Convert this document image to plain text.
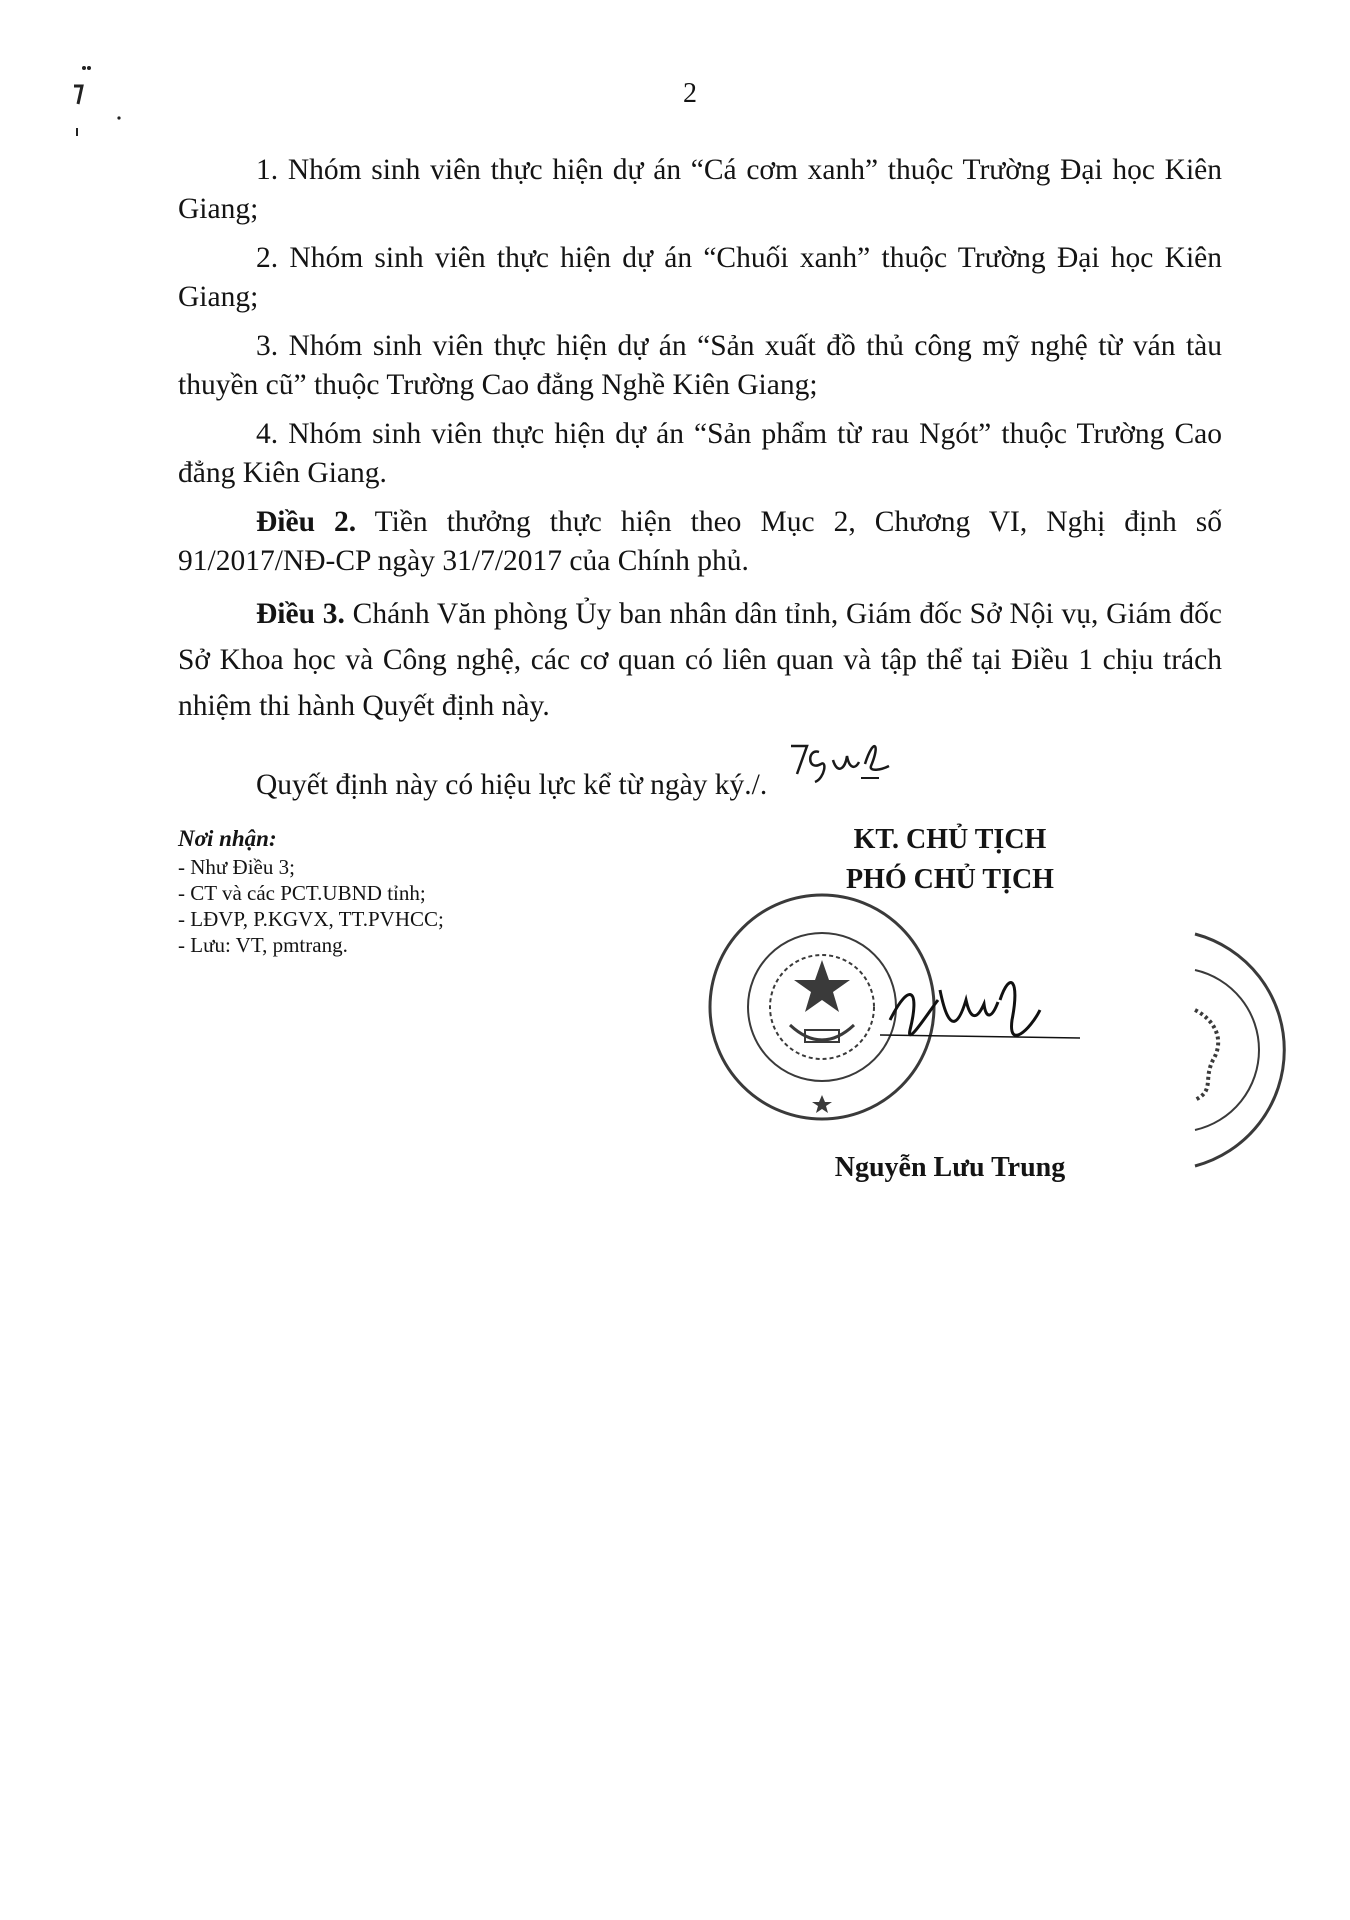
2

1. Nhóm sinh viên thực hiện dự án “Cá cơm xanh” thuộc Trường Đại học Kiên Giang;

2. Nhóm sinh viên thực hiện dự án “Chuối xanh” thuộc Trường Đại học Kiên Giang;

3. Nhóm sinh viên thực hiện dự án “Sản xuất đồ thủ công mỹ nghệ từ ván tàu thuyền cũ” thuộc Trường Cao đẳng Nghề Kiên Giang;

4. Nhóm sinh viên thực hiện dự án “Sản phẩm từ rau Ngót” thuộc Trường Cao đẳng Kiên Giang.

Điều 2. Tiền thưởng thực hiện theo Mục 2, Chương VI, Nghị định số 91/2017/NĐ-CP ngày 31/7/2017 của Chính phủ.

Điều 3. Chánh Văn phòng Ủy ban nhân dân tỉnh, Giám đốc Sở Nội vụ, Giám đốc Sở Khoa học và Công nghệ, các cơ quan có liên quan và tập thể tại Điều 1 chịu trách nhiệm thi hành Quyết định này.

Quyết định này có hiệu lực kể từ ngày ký./.

Nơi nhận:
- Như Điều 3;
- CT và các PCT.UBND tỉnh;
- LĐVP, P.KGVX, TT.PVHCC;
- Lưu: VT, pmtrang.
KT. CHỦ TỊCH
PHÓ CHỦ TỊCH
Nguyễn Lưu Trung
